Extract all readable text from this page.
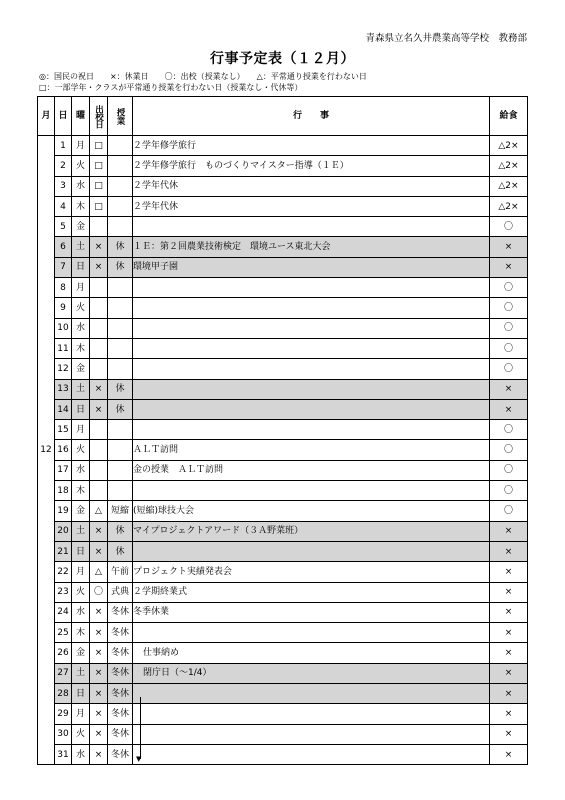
青森県立名久井農業高等学校　教務部
行事予定表（１２月）
◎：国民の祝日　　×：休業日　　〇：出校（授業なし）　　△：平常通り授業を行わない日
□：一部学年・クラスが平常通り授業を行わない日（授業なし・代休等）
月	日	曜	出校日	授業	行　　事	給食
12	1	月	□		２学年修学旅行	△2×
	2	火	□		２学年修学旅行　ものづくりマイスター指導（１Ｅ）	△2×
	3	水	□		２学年代休	△2×
	4	木	□		２学年代休	△2×
	5	金				〇
	6	土	×	休	１Ｅ：第２回農業技術検定　環境ユース東北大会	×
	7	日	×	休	環境甲子園	×
	8	月				〇
	9	火				〇
	10	水				〇
	11	木				〇
	12	金				〇
	13	土	×	休		×
	14	日	×	休		×
	15	月				〇
	16	火			ＡＬＴ訪問	〇
	17	水			金の授業　ＡＬＴ訪問	〇
	18	木				〇
	19	金	△	短縮	(短縮)球技大会	〇
	20	土	×	休	マイプロジェクトアワード（３Ａ野菜班）	×
	21	日	×	休		×
	22	月	△	午前	プロジェクト実績発表会	×
	23	火	〇	式典	２学期終業式	×
	24	水	×	冬休	冬季休業	×
	25	木	×	冬休		×
	26	金	×	冬休	仕事納め	×
	27	土	×	冬休	閉庁日（～1/4）	×
	28	日	×	冬休		×
	29	月	×	冬休		×
	30	火	×	冬休		×
	31	水	×	冬休		×
▼
